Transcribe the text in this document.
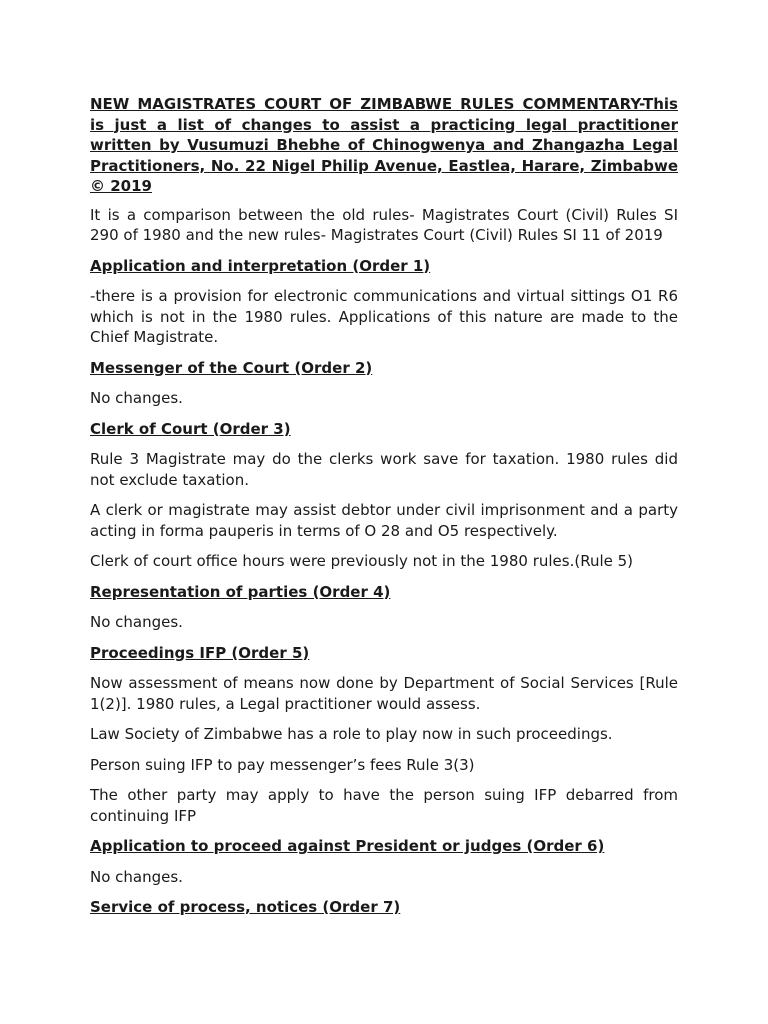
NEW MAGISTRATES COURT OF ZIMBABWE RULES COMMENTARY-This is just a list of changes to assist a practicing legal practitioner written by Vusumuzi Bhebhe of Chinogwenya and Zhangazha Legal Practitioners, No. 22 Nigel Philip Avenue, Eastlea, Harare, Zimbabwe © 2019

It is a comparison between the old rules- Magistrates Court (Civil) Rules SI 290 of 1980 and the new rules- Magistrates Court (Civil) Rules SI 11 of 2019

Application and interpretation (Order 1)

-there is a provision for electronic communications and virtual sittings O1 R6 which is not in the 1980 rules. Applications of this nature are made to the Chief Magistrate.

Messenger of the Court (Order 2)

No changes.

Clerk of Court (Order 3)

Rule 3 Magistrate may do the clerks work save for taxation. 1980 rules did not exclude taxation.

A clerk or magistrate may assist debtor under civil imprisonment and a party acting in forma pauperis in terms of O 28 and O5 respectively.

Clerk of court office hours were previously not in the 1980 rules.(Rule 5)

Representation of parties (Order 4)

No changes.

Proceedings IFP (Order 5)

Now assessment of means now done by Department of Social Services [Rule 1(2)]. 1980 rules, a Legal practitioner would assess.

Law Society of Zimbabwe has a role to play now in such proceedings.

Person suing IFP to pay messenger’s fees Rule 3(3)

The other party may apply to have the person suing IFP debarred from continuing IFP

Application to proceed against President or judges (Order 6)

No changes.

Service of process, notices (Order 7)
